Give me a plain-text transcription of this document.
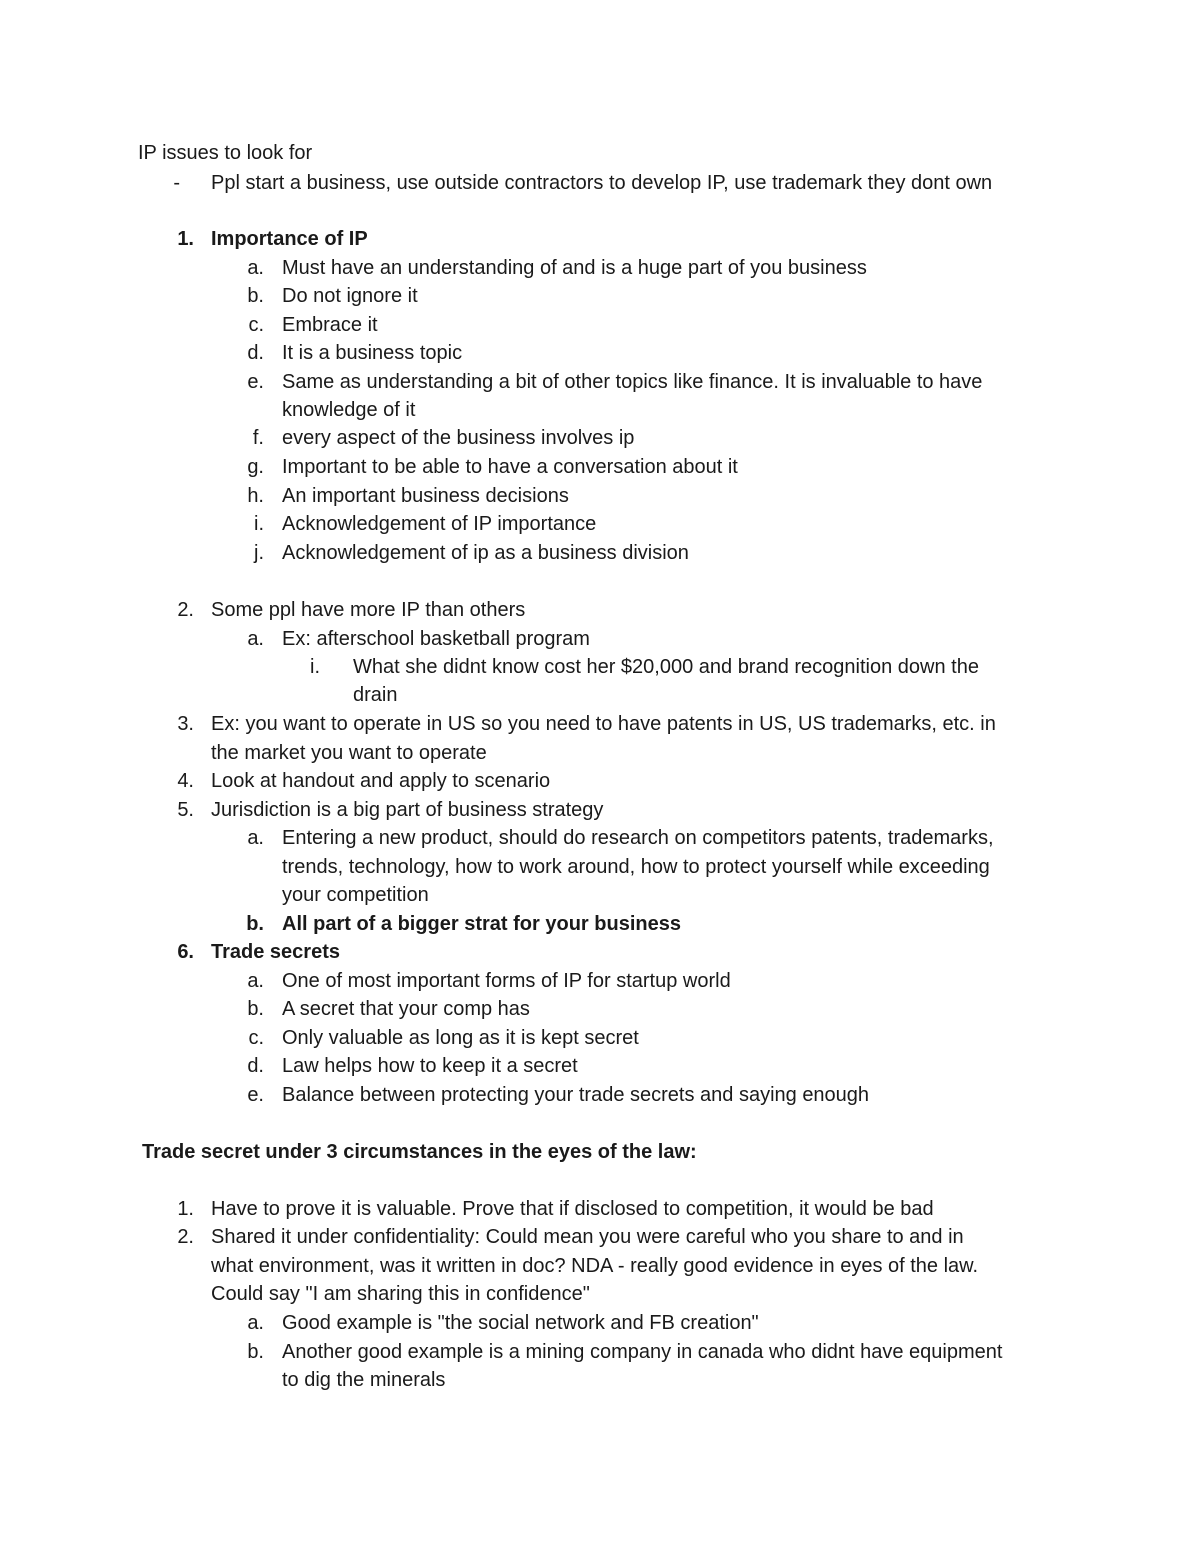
IP issues to look for
- Ppl start a business, use outside contractors to develop IP, use trademark they dont own
1. Importance of IP
a. Must have an understanding of and is a huge part of you business
b. Do not ignore it
c. Embrace it
d. It is a business topic
e. Same as understanding a bit of other topics like finance. It is invaluable to have
knowledge of it
f. every aspect of the business involves ip
g. Important to be able to have a conversation about it
h. An important business decisions
i. Acknowledgement of IP importance
j. Acknowledgement of ip as a business division
2. Some ppl have more IP than others
a. Ex: afterschool basketball program
i. What she didnt know cost her $20,000 and brand recognition down the
drain
3. Ex: you want to operate in US so you need to have patents in US, US trademarks, etc. in
the market you want to operate
4. Look at handout and apply to scenario
5. Jurisdiction is a big part of business strategy
a. Entering a new product, should do research on competitors patents, trademarks,
trends, technology, how to work around, how to protect yourself while exceeding
your competition
b. All part of a bigger strat for your business
6. Trade secrets
a. One of most important forms of IP for startup world
b. A secret that your comp has
c. Only valuable as long as it is kept secret
d. Law helps how to keep it a secret
e. Balance between protecting your trade secrets and saying enough
Trade secret under 3 circumstances in the eyes of the law:
1. Have to prove it is valuable. Prove that if disclosed to competition, it would be bad
2. Shared it under confidentiality: Could mean you were careful who you share to and in
what environment, was it written in doc? NDA - really good evidence in eyes of the law.
Could say "I am sharing this in confidence"
a. Good example is "the social network and FB creation"
b. Another good example is a mining company in canada who didnt have equipment
to dig the minerals
